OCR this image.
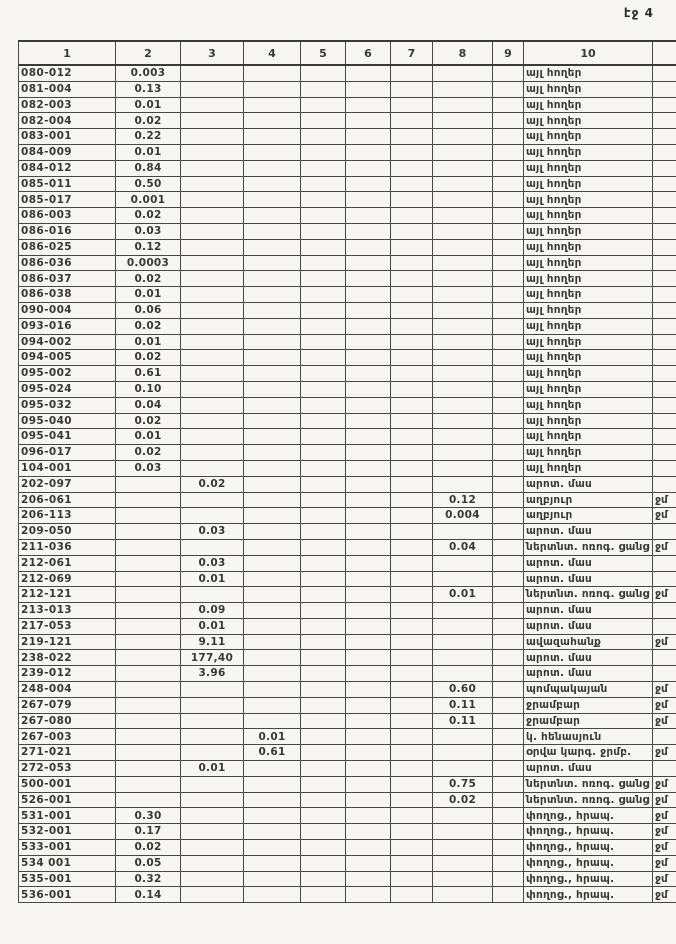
էջ 4
1	2	3	4	5	6	7	8	9	10	
080-012	0.003								այլ հողեր	
081-004	0.13								այլ հողեր	
082-003	0.01								այլ հողեր	
082-004	0.02								այլ հողեր	
083-001	0.22								այլ հողեր	
084-009	0.01								այլ հողեր	
084-012	0.84								այլ հողեր	
085-011	0.50								այլ հողեր	
085-017	0.001								այլ հողեր	
086-003	0.02								այլ հողեր	
086-016	0.03								այլ հողեր	
086-025	0.12								այլ հողեր	
086-036	0.0003								այլ հողեր	
086-037	0.02								այլ հողեր	
086-038	0.01								այլ հողեր	
090-004	0.06								այլ հողեր	
093-016	0.02								այլ հողեր	
094-002	0.01								այլ հողեր	
094-005	0.02								այլ հողեր	
095-002	0.61								այլ հողեր	
095-024	0.10								այլ հողեր	
095-032	0.04								այլ հողեր	
095-040	0.02								այլ հողեր	
095-041	0.01								այլ հողեր	
096-017	0.02								այլ հողեր	
104-001	0.03								այլ հողեր	
202-097		0.02							արոտ. մաս	
206-061							0.12		աղբյուր	ջմ
206-113							0.004		աղբյուր	ջմ
209-050		0.03							արոտ. մաս	
211-036							0.04		ներտնտ. ոռոգ. ցանց	ջմ
212-061		0.03							արոտ. մաս	
212-069		0.01							արոտ. մաս	
212-121							0.01		ներտնտ. ոռոգ. ցանց	ջմ
213-013		0.09							արոտ. մաս	
217-053		0.01							արոտ. մաս	
219-121		9.11							ավազահանք	ջմ
238-022		177,40							արոտ. մաս	
239-012		3.96							արոտ. մաս	
248-004							0.60		պոմպակայան	ջմ
267-079							0.11		ջրամբար	ջմ
267-080							0.11		ջրամբար	ջմ
267-003			0.01						կ. հենասյուն	
271-021			0.61						օրվա կարգ. ջրմբ.	ջմ
272-053		0.01							արոտ. մաս	
500-001							0.75		ներտնտ. ոռոգ. ցանց	ջմ
526-001							0.02		ներտնտ. ոռոգ. ցանց	ջմ
531-001	0.30								փողոց., հրապ.	ջմ
532-001	0.17								փողոց., հրապ.	ջմ
533-001	0.02								փողոց., հրապ.	ջմ
534 001	0.05								փողոց., հրապ.	ջմ
535-001	0.32								փողոց., հրապ.	ջմ
536-001	0.14								փողոց., հրապ.	ջմ
